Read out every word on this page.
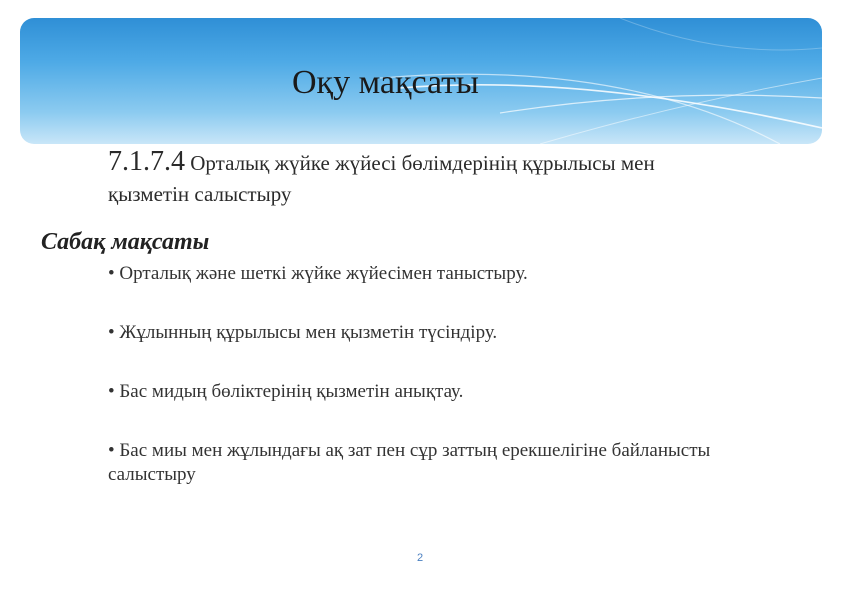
Оқу мақсаты
7.1.7.4 Орталық жүйке жүйесі бөлімдерінің құрылысы мен қызметін салыстыру
Сабақ мақсаты
• Орталық және шеткі жүйке жүйесімен таныстыру.
• Жұлынның құрылысы мен қызметін түсіндіру.
• Бас мидың бөліктерінің қызметін анықтау.
• Бас миы мен жұлындағы ақ зат пен сұр заттың ерекшелігіне байланысты салыстыру
2
